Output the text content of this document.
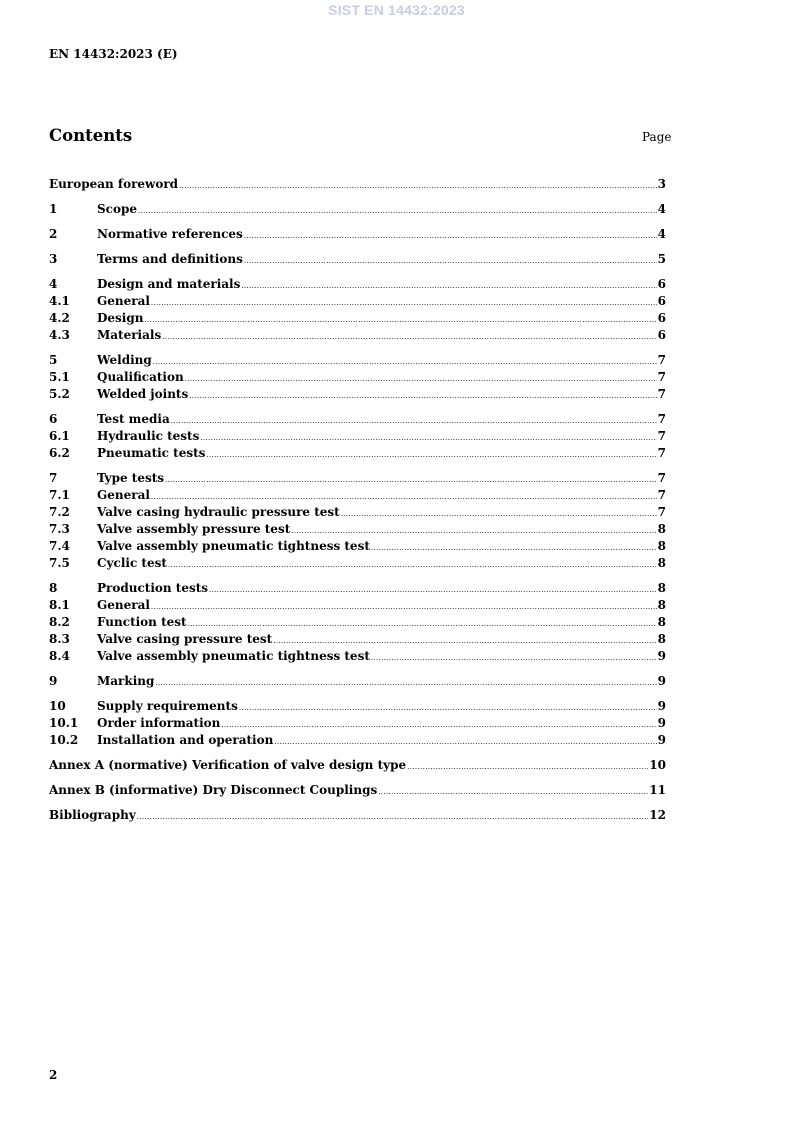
SIST EN 14432:2023
EN 14432:2023 (E)
Contents	Page
European foreword .....	3
1	Scope .....	4
2	Normative references .....	4
3	Terms and definitions .....	5
4	Design and materials .....	6
4.1	General .....	6
4.2	Design .....	6
4.3	Materials .....	6
5	Welding .....	7
5.1	Qualification .....	7
5.2	Welded joints .....	7
6	Test media .....	7
6.1	Hydraulic tests .....	7
6.2	Pneumatic tests .....	7
7	Type tests .....	7
7.1	General .....	7
7.2	Valve casing hydraulic pressure test .....	7
7.3	Valve assembly pressure test .....	8
7.4	Valve assembly pneumatic tightness test .....	8
7.5	Cyclic test .....	8
8	Production tests .....	8
8.1	General .....	8
8.2	Function test .....	8
8.3	Valve casing pressure test .....	8
8.4	Valve assembly pneumatic tightness test .....	9
9	Marking .....	9
10	Supply requirements .....	9
10.1	Order information .....	9
10.2	Installation and operation .....	9
Annex A (normative) Verification of valve design type .....	10
Annex B (informative) Dry Disconnect Couplings .....	11
Bibliography .....	12
2
